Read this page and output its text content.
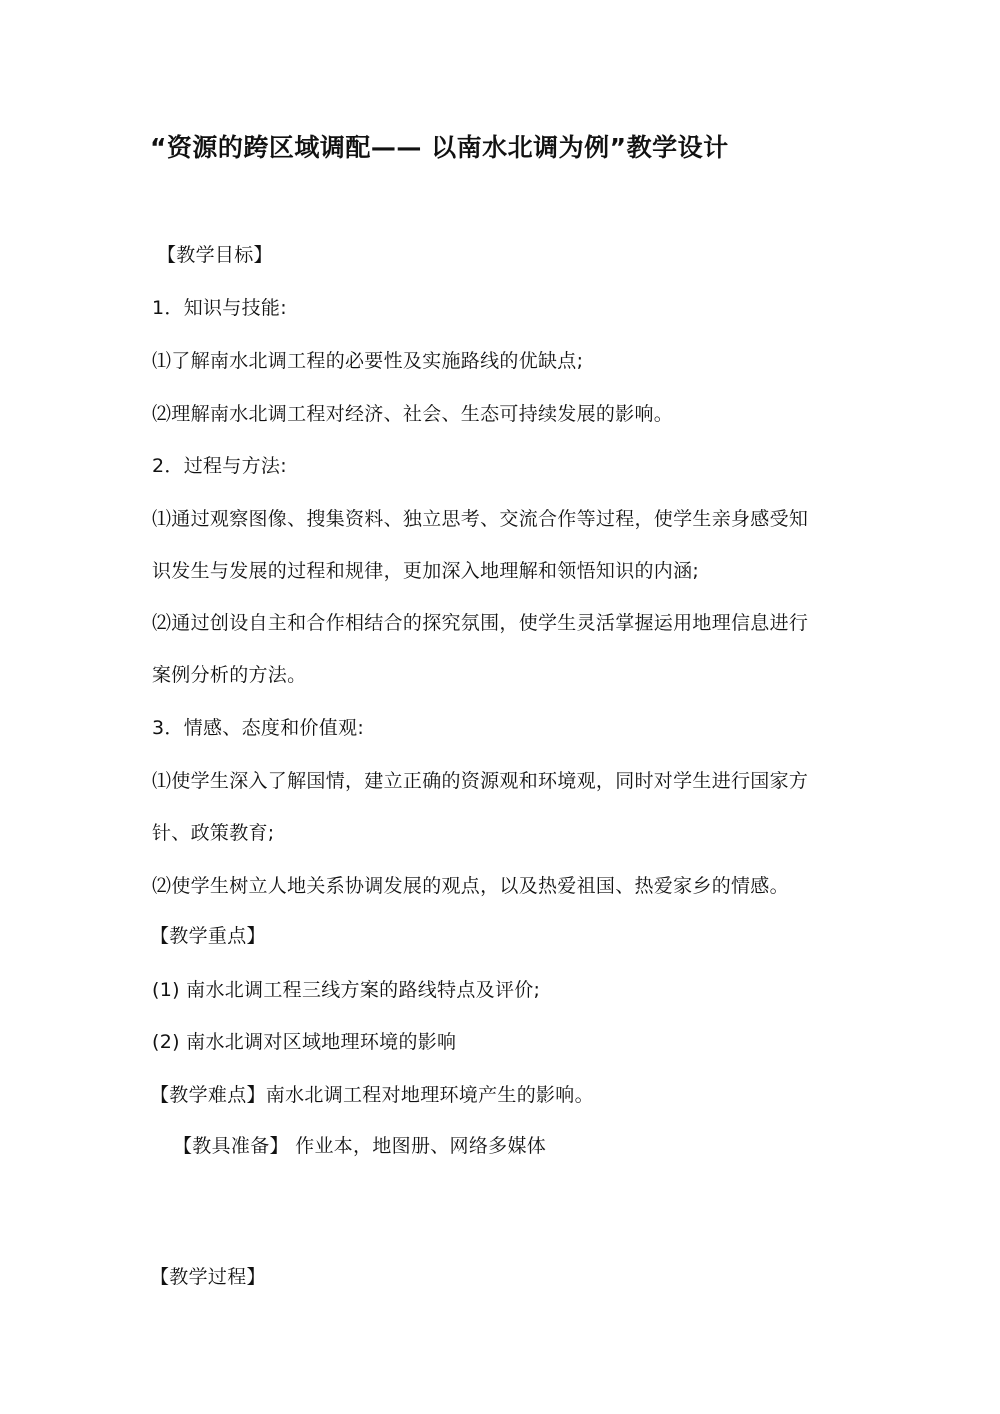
“资源的跨区域调配—— 以南水北调为例”教学设计
【教学目标】
1．知识与技能:
⑴了解南水北调工程的必要性及实施路线的优缺点;
⑵理解南水北调工程对经济、社会、生态可持续发展的影响。
2．过程与方法:
⑴通过观察图像、搜集资料、独立思考、交流合作等过程，使学生亲身感受知
识发生与发展的过程和规律，更加深入地理解和领悟知识的内涵;
⑵通过创设自主和合作相结合的探究氛围，使学生灵活掌握运用地理信息进行
案例分析的方法。
3．情感、态度和价值观:
⑴使学生深入了解国情，建立正确的资源观和环境观，同时对学生进行国家方
针、政策教育;
⑵使学生树立人地关系协调发展的观点，以及热爱祖国、热爱家乡的情感。
【教学重点】
(1) 南水北调工程三线方案的路线特点及评价;
(2) 南水北调对区域地理环境的影响
【教学难点】南水北调工程对地理环境产生的影响。
【教具准备】 作业本，地图册、网络多媒体
【教学过程】
